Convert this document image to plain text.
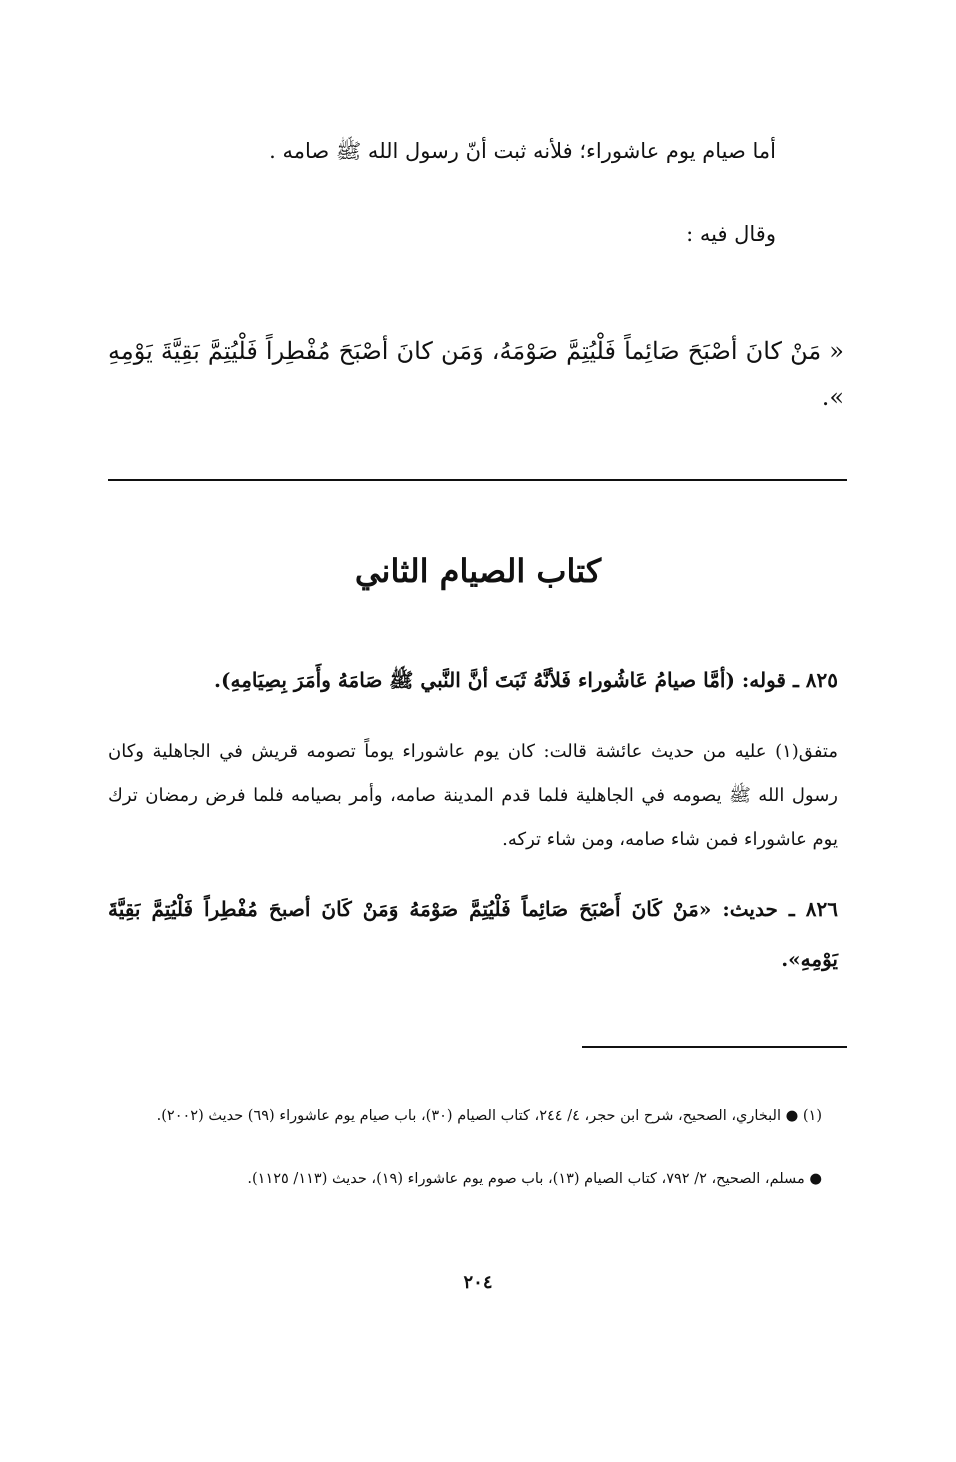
أما صيام يوم عاشوراء؛ فلأنه ثبت أنّ رسول الله ﷺ صامه .

وقال فيه :

« مَنْ كانَ أصْبَحَ صَائِماً فَلْيُتِمَّ صَوْمَهُ، وَمَن كانَ أصْبَحَ مُفْطِراً فَلْيُتِمَّ بَقِيَّةَ يَوْمِهِ ».

كتاب الصيام الثاني

٨٢٥ ـ قوله: (أمَّا صيامُ عَاشُوراء فَلأنَّهُ ثَبَتَ أنَّ النَّبي ﷺ صَامَهُ وأَمَرَ بِصِيَامِهِ).

متفق(١) عليه من حديث عائشة قالت: كان يوم عاشوراء يوماً تصومه قريش في الجاهلية وكان رسول الله ﷺ يصومه في الجاهلية فلما قدم المدينة صامه، وأمر بصيامه فلما فرض رمضان ترك يوم عاشوراء فمن شاء صامه، ومن شاء تركه.

٨٢٦ ـ حديث: «مَنْ كَانَ أَصْبَحَ صَائِماً فَلْيُتِمَّ صَوْمَهُ وَمَنْ كَانَ أصبحَ مُفْطِراً فَلْيُتِمَّ بَقِيَّةَ يَوْمِهِ».

(١) ● البخاري، الصحيح، شرح ابن حجر، ٤/ ٢٤٤، كتاب الصيام (٣٠)، باب صيام يوم عاشوراء (٦٩) حديث (٢٠٠٢).

● مسلم، الصحيح، ٢/ ٧٩٢، كتاب الصيام (١٣)، باب صوم يوم عاشوراء (١٩)، حديث (١١٣/ ١١٢٥).

٢٠٤
